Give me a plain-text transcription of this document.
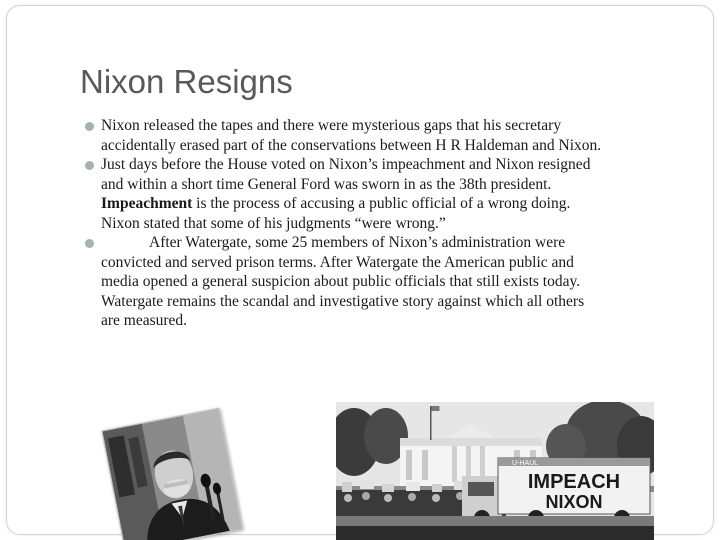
Nixon Resigns
Nixon released the tapes and there were mysterious gaps that his secretary
accidentally erased part of the conservations between H R Haldeman and Nixon.
Just days before the House voted on Nixon’s impeachment and Nixon resigned
and within a short time General Ford was sworn in as the 38th president.
Impeachment is the process of accusing a public official of a wrong doing.
Nixon stated that some of his judgments “were wrong.”
After Watergate, some 25 members of Nixon’s administration were
convicted and served prison terms. After Watergate the American public and
media opened a general suspicion about public officials that still exists today.
Watergate remains the scandal and investigative story against which all others
are measured.
U-HAUL
IMPEACH
NIXON
